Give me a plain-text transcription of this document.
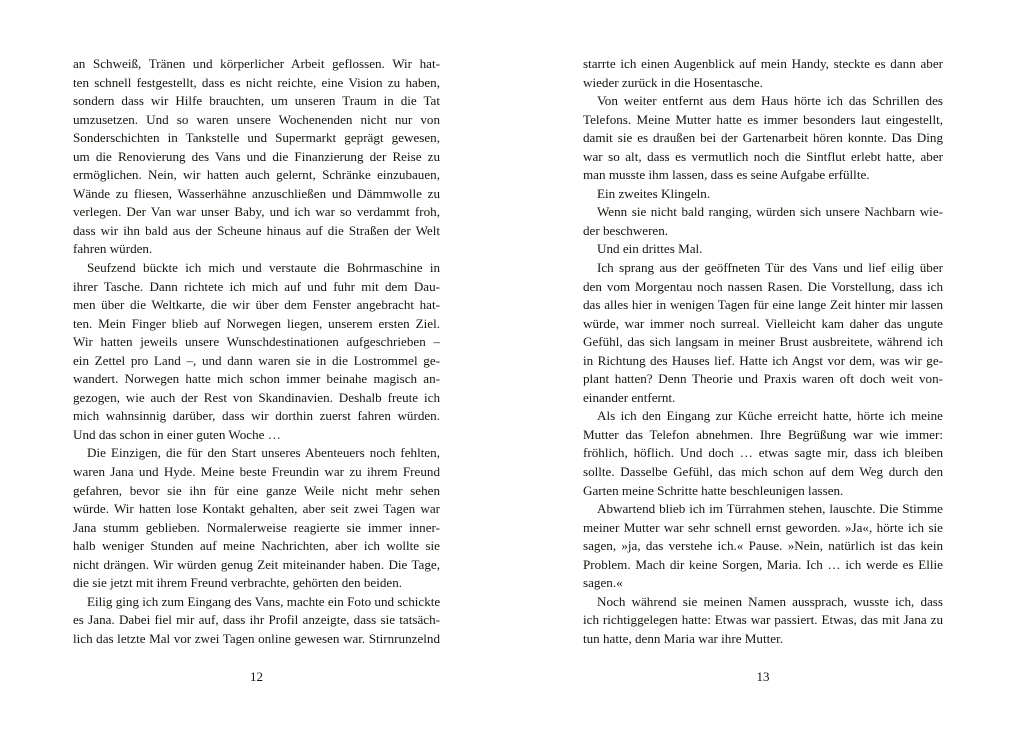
an Schweiß, Tränen und körperlicher Arbeit geflossen. Wir hat-
ten schnell festgestellt, dass es nicht reichte, eine Vision zu haben,
sondern dass wir Hilfe brauchten, um unseren Traum in die Tat
umzusetzen. Und so waren unsere Wochenenden nicht nur von
Sonderschichten in Tankstelle und Supermarkt geprägt gewesen,
um die Renovierung des Vans und die Finanzierung der Reise zu
ermöglichen. Nein, wir hatten auch gelernt, Schränke einzubauen,
Wände zu fliesen, Wasserhähne anzuschließen und Dämmwolle zu
verlegen. Der Van war unser Baby, und ich war so verdammt froh,
dass wir ihn bald aus der Scheune hinaus auf die Straßen der Welt
fahren würden.
Seufzend bückte ich mich und verstaute die Bohrmaschine in
ihrer Tasche. Dann richtete ich mich auf und fuhr mit dem Dau-
men über die Weltkarte, die wir über dem Fenster angebracht hat-
ten. Mein Finger blieb auf Norwegen liegen, unserem ersten Ziel.
Wir hatten jeweils unsere Wunschdestinationen aufgeschrieben –
ein Zettel pro Land –, und dann waren sie in die Lostrommel ge-
wandert. Norwegen hatte mich schon immer beinahe magisch an-
gezogen, wie auch der Rest von Skandinavien. Deshalb freute ich
mich wahnsinnig darüber, dass wir dorthin zuerst fahren würden.
Und das schon in einer guten Woche …
Die Einzigen, die für den Start unseres Abenteuers noch fehlten,
waren Jana und Hyde. Meine beste Freundin war zu ihrem Freund
gefahren, bevor sie ihn für eine ganze Weile nicht mehr sehen
würde. Wir hatten lose Kontakt gehalten, aber seit zwei Tagen war
Jana stumm geblieben. Normalerweise reagierte sie immer inner-
halb weniger Stunden auf meine Nachrichten, aber ich wollte sie
nicht drängen. Wir würden genug Zeit miteinander haben. Die Tage,
die sie jetzt mit ihrem Freund verbrachte, gehörten den beiden.
Eilig ging ich zum Eingang des Vans, machte ein Foto und schickte
es Jana. Dabei fiel mir auf, dass ihr Profil anzeigte, dass sie tatsäch-
lich das letzte Mal vor zwei Tagen online gewesen war. Stirnrunzelnd
12
starrte ich einen Augenblick auf mein Handy, steckte es dann aber
wieder zurück in die Hosentasche.
Von weiter entfernt aus dem Haus hörte ich das Schrillen des
Telefons. Meine Mutter hatte es immer besonders laut eingestellt,
damit sie es draußen bei der Gartenarbeit hören konnte. Das Ding
war so alt, dass es vermutlich noch die Sintflut erlebt hatte, aber
man musste ihm lassen, dass es seine Aufgabe erfüllte.
Ein zweites Klingeln.
Wenn sie nicht bald ranging, würden sich unsere Nachbarn wie-
der beschweren.
Und ein drittes Mal.
Ich sprang aus der geöffneten Tür des Vans und lief eilig über
den vom Morgentau noch nassen Rasen. Die Vorstellung, dass ich
das alles hier in wenigen Tagen für eine lange Zeit hinter mir lassen
würde, war immer noch surreal. Vielleicht kam daher das ungute
Gefühl, das sich langsam in meiner Brust ausbreitete, während ich
in Richtung des Hauses lief. Hatte ich Angst vor dem, was wir ge-
plant hatten? Denn Theorie und Praxis waren oft doch weit von-
einander entfernt.
Als ich den Eingang zur Küche erreicht hatte, hörte ich meine
Mutter das Telefon abnehmen. Ihre Begrüßung war wie immer:
fröhlich, höflich. Und doch … etwas sagte mir, dass ich bleiben
sollte. Dasselbe Gefühl, das mich schon auf dem Weg durch den
Garten meine Schritte hatte beschleunigen lassen.
Abwartend blieb ich im Türrahmen stehen, lauschte. Die Stimme
meiner Mutter war sehr schnell ernst geworden. »Ja«, hörte ich sie
sagen, »ja, das verstehe ich.« Pause. »Nein, natürlich ist das kein
Problem. Mach dir keine Sorgen, Maria. Ich … ich werde es Ellie
sagen.«
Noch während sie meinen Namen aussprach, wusste ich, dass
ich richtiggelegen hatte: Etwas war passiert. Etwas, das mit Jana zu
tun hatte, denn Maria war ihre Mutter.
13
